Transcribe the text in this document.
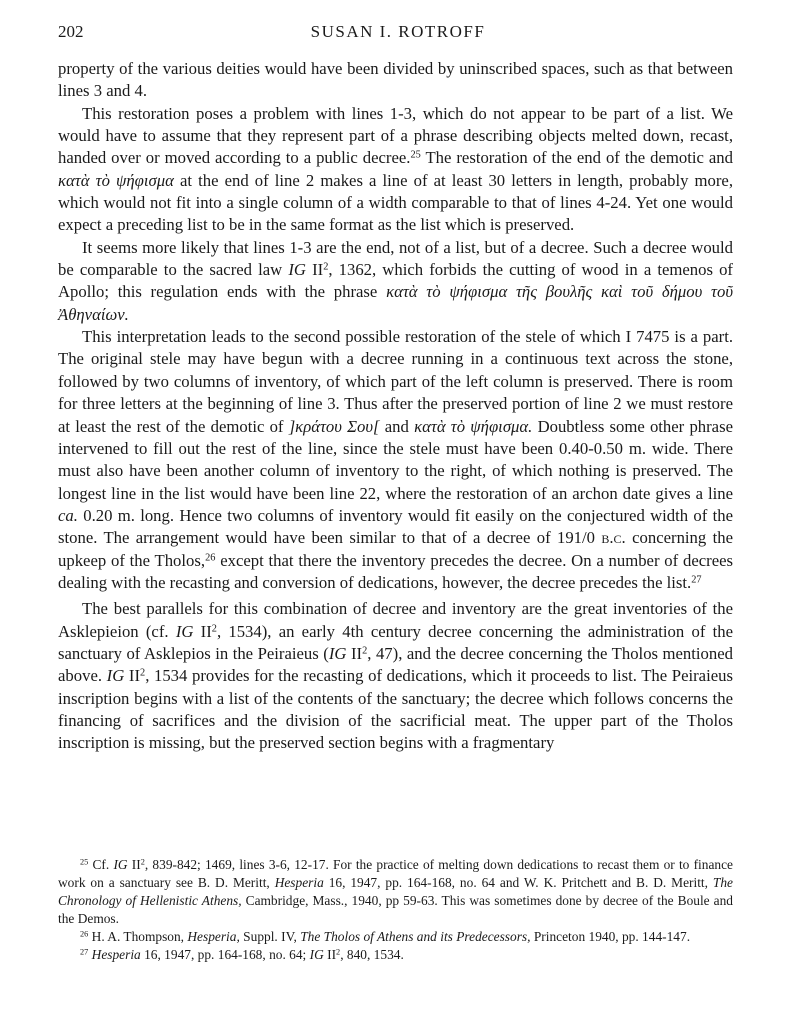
202	SUSAN I. ROTROFF

property of the various deities would have been divided by uninscribed spaces, such as that between lines 3 and 4.

This restoration poses a problem with lines 1-3, which do not appear to be part of a list. We would have to assume that they represent part of a phrase describing objects melted down, recast, handed over or moved according to a public decree.$^{25}$ The restoration of the end of the demotic and κατὰ τὸ ψήφισμα at the end of line 2 makes a line of at least 30 letters in length, probably more, which would not fit into a single column of a width comparable to that of lines 4-24. Yet one would expect a preceding list to be in the same format as the list which is preserved.

It seems more likely that lines 1-3 are the end, not of a list, but of a decree. Such a decree would be comparable to the sacred law IG $II^2$, 1362, which forbids the cutting of wood in a temenos of Apollo; this regulation ends with the phrase κατὰ τὸ ψήφισμα τῆς βουλῆς καὶ τοῦ δήμου τοῦ Ἀθηναίων.

This interpretation leads to the second possible restoration of the stele of which I 7475 is a part. The original stele may have begun with a decree running in a continuous text across the stone, followed by two columns of inventory, of which part of the left column is preserved. There is room for three letters at the beginning of line 3. Thus after the preserved portion of line 2 we must restore at least the rest of the demotic of ]κράτου Σου[ and κατὰ τὸ ψήφισμα. Doubtless some other phrase intervened to fill out the rest of the line, since the stele must have been 0.40-0.50 m. wide. There must also have been another column of inventory to the right, of which nothing is preserved. The longest line in the list would have been line 22, where the restoration of an archon date gives a line ca. 0.20 m. long. Hence two columns of inventory would fit easily on the conjectured width of the stone. The arrangement would have been similar to that of a decree of 191/0 b.c. concerning the upkeep of the Tholos,$^{26}$ except that there the inventory precedes the decree. On a number of decrees dealing with the recasting and conversion of dedications, however, the decree precedes the list.$^{27}$

The best parallels for this combination of decree and inventory are the great inventories of the Asklepieion (cf. IG $II^2$, 1534), an early 4th century decree concerning the administration of the sanctuary of Asklepios in the Peiraieus (IG $II^2$, 47), and the decree concerning the Tholos mentioned above. IG $II^2$, 1534 provides for the recasting of dedications, which it proceeds to list. The Peiraieus inscription begins with a list of the contents of the sanctuary; the decree which follows concerns the financing of sacrifices and the division of the sacrificial meat. The upper part of the Tholos inscription is missing, but the preserved section begins with a fragmentary

$^{25}$ Cf. IG $II^2$, 839-842; 1469, lines 3-6, 12-17. For the practice of melting down dedications to recast them or to finance work on a sanctuary see B. D. Meritt, Hesperia 16, 1947, pp. 164-168, no. 64 and W. K. Pritchett and B. D. Meritt, The Chronology of Hellenistic Athens, Cambridge, Mass., 1940, pp 59-63. This was sometimes done by decree of the Boule and the Demos.

$^{26}$ H. A. Thompson, Hesperia, Suppl. IV, The Tholos of Athens and its Predecessors, Princeton 1940, pp. 144-147.

$^{27}$ Hesperia 16, 1947, pp. 164-168, no. 64; IG $II^2$, 840, 1534.
